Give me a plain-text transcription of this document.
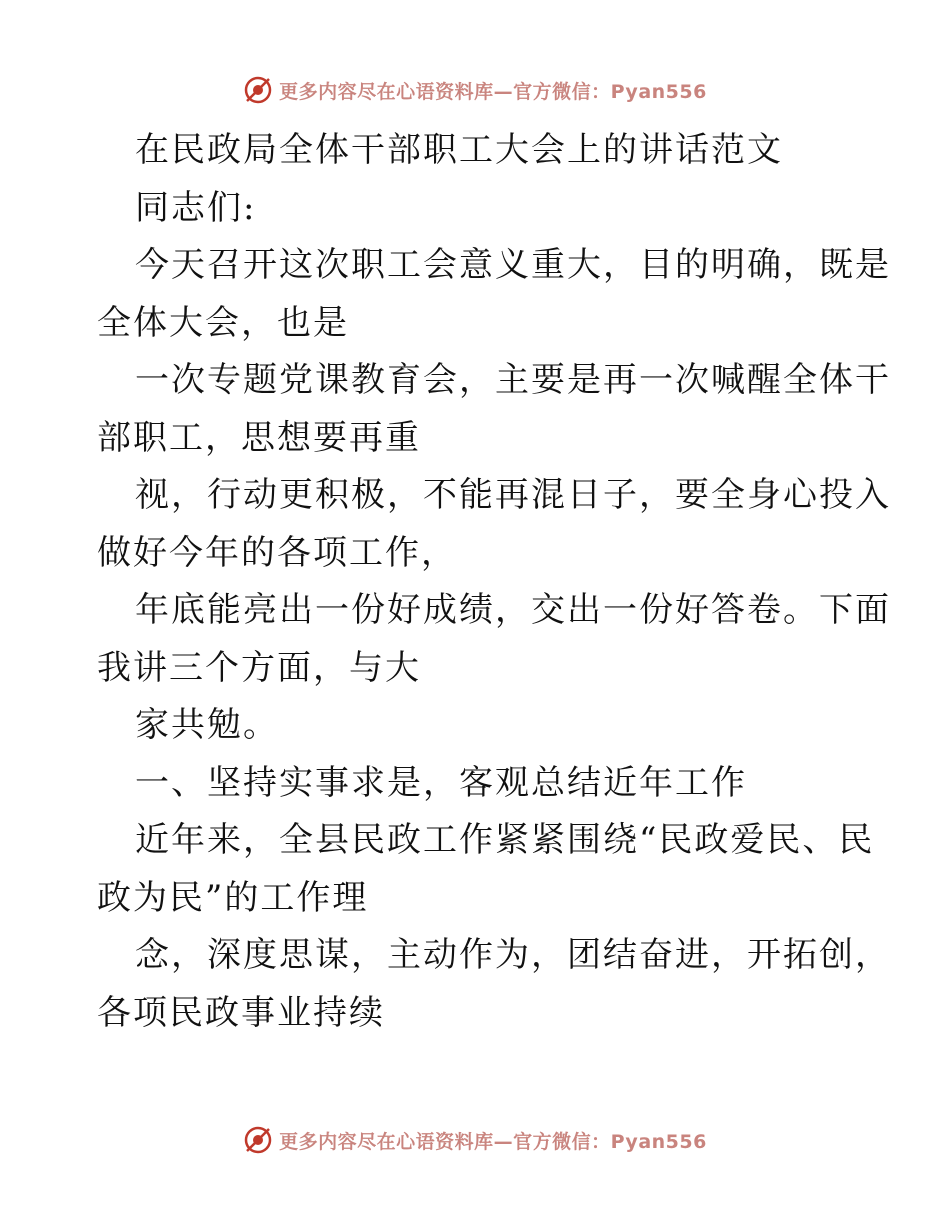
更多内容尽在心语资料库—官方微信：Pyan556
在民政局全体干部职工大会上的讲话范文
同志们:
今天召开这次职工会意义重大，目的明确，既是
全体大会，也是
一次专题党课教育会，主要是再一次喊醒全体干
部职工，思想要再重
视，行动更积极，不能再混日子，要全身心投入
做好今年的各项工作，
年底能亮出一份好成绩，交出一份好答卷。下面
我讲三个方面，与大
家共勉。
一、坚持实事求是，客观总结近年工作
近年来，全县民政工作紧紧围绕“民政爱民、民
政为民”的工作理
念，深度思谋，主动作为，团结奋进，开拓创，
各项民政事业持续
更多内容尽在心语资料库—官方微信：Pyan556
